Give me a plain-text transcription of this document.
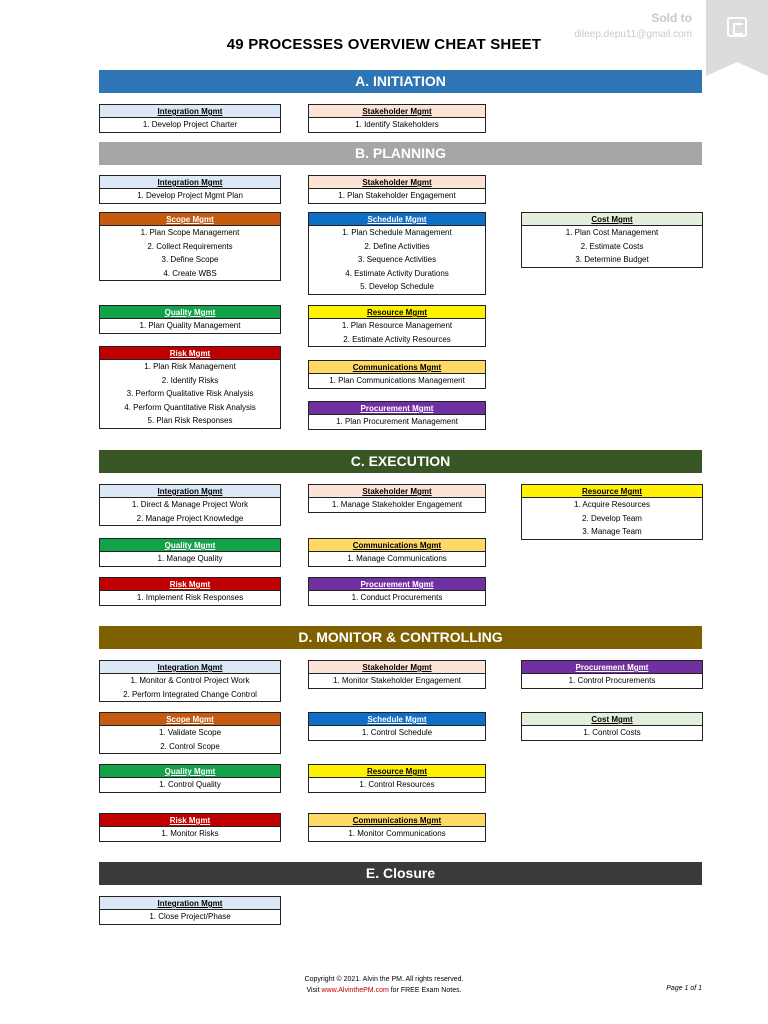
Sold to
dileep.depu11@gmail.com
49 PROCESSES OVERVIEW CHEAT SHEET
A. INITIATION
Integration Mgmt
1. Develop Project Charter
Stakeholder Mgmt
1. Identify Stakeholders
B. PLANNING
Integration Mgmt
1. Develop Project Mgmt Plan
Stakeholder Mgmt
1. Plan Stakeholder Engagement
Scope Mgmt
1. Plan Scope Management
2. Collect Requirements
3. Define Scope
4. Create WBS
Schedule Mgmt
1. Plan Schedule Management
2. Define Activities
3. Sequence Activities
4. Estimate Activity Durations
5. Develop Schedule
Cost Mgmt
1. Plan Cost Management
2. Estimate Costs
3. Determine Budget
Quality Mgmt
1. Plan Quality Management
Resource Mgmt
1. Plan Resource Management
2. Estimate Activity Resources
Risk Mgmt
1. Plan Risk Management
2. Identify Risks
3. Perform Qualitative Risk Analysis
4. Perform Quantitative Risk Analysis
5. Plan Risk Responses
Communications Mgmt
1. Plan Communications Management
Procurement Mgmt
1. Plan Procurement Management
C. EXECUTION
Integration Mgmt
1. Direct & Manage Project Work
2. Manage Project Knowledge
Stakeholder Mgmt
1. Manage Stakeholder Engagement
Resource Mgmt
1. Acquire Resources
2. Develop Team
3. Manage Team
Quality Mgmt
1. Manage Quality
Communications Mgmt
1. Manage Communications
Risk Mgmt
1. Implement Risk Responses
Procurement Mgmt
1. Conduct Procurements
D. MONITOR & CONTROLLING
Integration Mgmt
1. Monitor & Control Project Work
2. Perform Integrated Change Control
Stakeholder Mgmt
1. Monitor Stakeholder Engagement
Procurement Mgmt
1. Control Procurements
Scope Mgmt
1. Validate Scope
2. Control Scope
Schedule Mgmt
1. Control Schedule
Cost Mgmt
1. Control Costs
Quality Mgmt
1. Control Quality
Resource Mgmt
1. Control Resources
Risk Mgmt
1. Monitor Risks
Communications Mgmt
1. Monitor Communications
E. Closure
Integration Mgmt
1. Close Project/Phase
Copyright © 2021. Alvin the PM. All rights reserved.
Visit www.AlvinthePM.com for FREE Exam Notes.	Page 1 of 1
